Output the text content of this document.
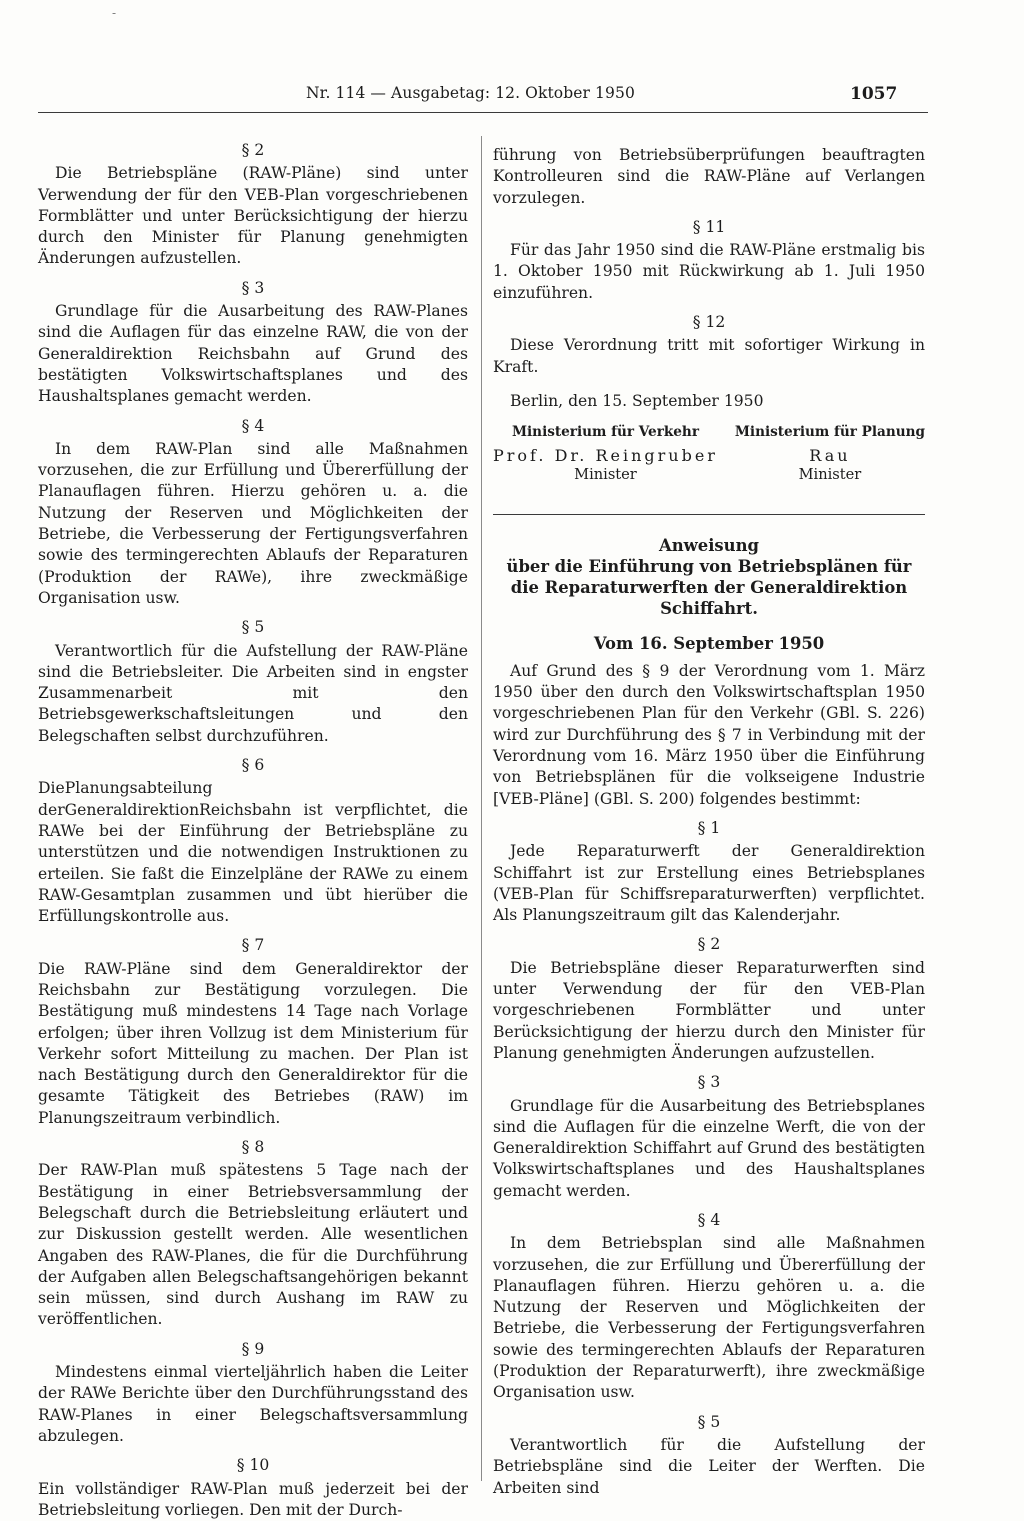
-
Nr. 114 — Ausgabetag: 12. Oktober 1950	1057
§ 2

Die Betriebspläne (RAW-Pläne) sind unter Verwendung der für den VEB-Plan vorgeschriebenen Formblätter und unter Berücksichtigung der hierzu durch den Minister für Planung genehmigten Änderungen aufzustellen.

§ 3

Grundlage für die Ausarbeitung des RAW-Planes sind die Auflagen für das einzelne RAW, die von der Generaldirektion Reichsbahn auf Grund des bestätigten Volkswirtschaftsplanes und des Haushaltsplanes gemacht werden.

§ 4

In dem RAW-Plan sind alle Maßnahmen vorzusehen, die zur Erfüllung und Übererfüllung der Planauflagen führen. Hierzu gehören u. a. die Nutzung der Reserven und Möglichkeiten der Betriebe, die Verbesserung der Fertigungsverfahren sowie des termingerechten Ablaufs der Reparaturen (Produktion der RAWe), ihre zweckmäßige Organisation usw.

§ 5

Verantwortlich für die Aufstellung der RAW-Pläne sind die Betriebsleiter. Die Arbeiten sind in engster Zusammenarbeit mit den Betriebsgewerkschaftsleitungen und den Belegschaften selbst durchzuführen.

§ 6

DiePlanungsabteilung derGeneraldirektionReichsbahn ist verpflichtet, die RAWe bei der Einführung der Betriebspläne zu unterstützen und die notwendigen Instruktionen zu erteilen. Sie faßt die Einzelpläne der RAWe zu einem RAW-Gesamtplan zusammen und übt hierüber die Erfüllungskontrolle aus.

§ 7

Die RAW-Pläne sind dem Generaldirektor der Reichsbahn zur Bestätigung vorzulegen. Die Bestätigung muß mindestens 14 Tage nach Vorlage erfolgen; über ihren Vollzug ist dem Ministerium für Verkehr sofort Mitteilung zu machen. Der Plan ist nach Bestätigung durch den Generaldirektor für die gesamte Tätigkeit des Betriebes (RAW) im Planungszeitraum verbindlich.

§ 8

Der RAW-Plan muß spätestens 5 Tage nach der Bestätigung in einer Betriebsversammlung der Belegschaft durch die Betriebsleitung erläutert und zur Diskussion gestellt werden. Alle wesentlichen Angaben des RAW-Planes, die für die Durchführung der Aufgaben allen Belegschaftsangehörigen bekannt sein müssen, sind durch Aushang im RAW zu veröffentlichen.

§ 9

Mindestens einmal vierteljährlich haben die Leiter der RAWe Berichte über den Durchführungsstand des RAW-Planes in einer Belegschaftsversammlung abzulegen.

§ 10

Ein vollständiger RAW-Plan muß jederzeit bei der Betriebsleitung vorliegen. Den mit der Durch-

führung von Betriebsüberprüfungen beauftragten Kontrolleuren sind die RAW-Pläne auf Verlangen vorzulegen.

§ 11

Für das Jahr 1950 sind die RAW-Pläne erstmalig bis 1. Oktober 1950 mit Rückwirkung ab 1. Juli 1950 einzuführen.

§ 12

Diese Verordnung tritt mit sofortiger Wirkung in Kraft.

Berlin, den 15. September 1950

Ministerium für Verkehr
Prof. Dr. Reingruber
Minister
Ministerium für Planung
Rau
Minister
Anweisung
über die Einführung von Betriebsplänen für
die Reparaturwerften der Generaldirektion
Schiffahrt.
Vom 16. September 1950

Auf Grund des § 9 der Verordnung vom 1. März 1950 über den durch den Volkswirtschaftsplan 1950 vorgeschriebenen Plan für den Verkehr (GBl. S. 226) wird zur Durchführung des § 7 in Verbindung mit der Verordnung vom 16. März 1950 über die Einführung von Betriebsplänen für die volkseigene Industrie [VEB-Pläne] (GBl. S. 200) folgendes bestimmt:

§ 1

Jede Reparaturwerft der Generaldirektion Schiffahrt ist zur Erstellung eines Betriebsplanes (VEB-Plan für Schiffsreparaturwerften) verpflichtet. Als Planungszeitraum gilt das Kalenderjahr.

§ 2

Die Betriebspläne dieser Reparaturwerften sind unter Verwendung der für den VEB-Plan vorgeschriebenen Formblätter und unter Berücksichtigung der hierzu durch den Minister für Planung genehmigten Änderungen aufzustellen.

§ 3

Grundlage für die Ausarbeitung des Betriebsplanes sind die Auflagen für die einzelne Werft, die von der Generaldirektion Schiffahrt auf Grund des bestätigten Volkswirtschaftsplanes und des Haushaltsplanes gemacht werden.

§ 4

In dem Betriebsplan sind alle Maßnahmen vorzusehen, die zur Erfüllung und Übererfüllung der Planauflagen führen. Hierzu gehören u. a. die Nutzung der Reserven und Möglichkeiten der Betriebe, die Verbesserung der Fertigungsverfahren sowie des termingerechten Ablaufs der Reparaturen (Produktion der Reparaturwerft), ihre zweckmäßige Organisation usw.

§ 5

Verantwortlich für die Aufstellung der Betriebspläne sind die Leiter der Werften. Die Arbeiten sind
